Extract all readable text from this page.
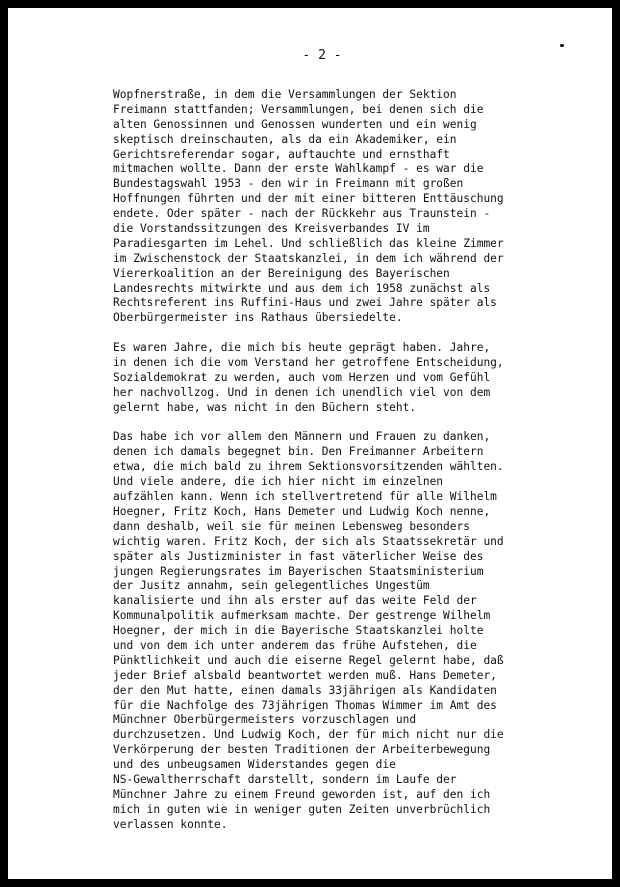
- 2 -
Wopfnerstraße, in dem die Versammlungen der Sektion
Freimann stattfanden; Versammlungen, bei denen sich die
alten Genossinnen und Genossen wunderten und ein wenig
skeptisch dreinschauten, als da ein Akademiker, ein
Gerichtsreferendar sogar, auftauchte und ernsthaft
mitmachen wollte. Dann der erste Wahlkampf - es war die
Bundestagswahl 1953 - den wir in Freimann mit großen
Hoffnungen führten und der mit einer bitteren Enttäuschung
endete. Oder später - nach der Rückkehr aus Traunstein -
die Vorstandssitzungen des Kreisverbandes IV im
Paradiesgarten im Lehel. Und schließlich das kleine Zimmer
im Zwischenstock der Staatskanzlei, in dem ich während der
Viererkoalition an der Bereinigung des Bayerischen
Landesrechts mitwirkte und aus dem ich 1958 zunächst als
Rechtsreferent ins Ruffini-Haus und zwei Jahre später als
Oberbürgermeister ins Rathaus übersiedelte.
Es waren Jahre, die mich bis heute geprägt haben. Jahre,
in denen ich die vom Verstand her getroffene Entscheidung,
Sozialdemokrat zu werden, auch vom Herzen und vom Gefühl
her nachvollzog. Und in denen ich unendlich viel von dem
gelernt habe, was nicht in den Büchern steht.
Das habe ich vor allem den Männern und Frauen zu danken,
denen ich damals begegnet bin. Den Freimanner Arbeitern
etwa, die mich bald zu ihrem Sektionsvorsitzenden wählten.
Und viele andere, die ich hier nicht im einzelnen
aufzählen kann. Wenn ich stellvertretend für alle Wilhelm
Hoegner, Fritz Koch, Hans Demeter und Ludwig Koch nenne,
dann deshalb, weil sie für meinen Lebensweg besonders
wichtig waren. Fritz Koch, der sich als Staatssekretär und
später als Justizminister in fast väterlicher Weise des
jungen Regierungsrates im Bayerischen Staatsministerium
der Jusitz annahm, sein gelegentliches Ungestüm
kanalisierte und ihn als erster auf das weite Feld der
Kommunalpolitik aufmerksam machte. Der gestrenge Wilhelm
Hoegner, der mich in die Bayerische Staatskanzlei holte
und von dem ich unter anderem das frühe Aufstehen, die
Pünktlichkeit und auch die eiserne Regel gelernt habe, daß
jeder Brief alsbald beantwortet werden muß. Hans Demeter,
der den Mut hatte, einen damals 33jährigen als Kandidaten
für die Nachfolge des 73jährigen Thomas Wimmer im Amt des
Münchner Oberbürgermeisters vorzuschlagen und
durchzusetzen. Und Ludwig Koch, der für mich nicht nur die
Verkörperung der besten Traditionen der Arbeiterbewegung
und des unbeugsamen Widerstandes gegen die
NS-Gewaltherrschaft darstellt, sondern im Laufe der
Münchner Jahre zu einem Freund geworden ist, auf den ich
mich in guten wie in weniger guten Zeiten unverbrüchlich
verlassen konnte.
